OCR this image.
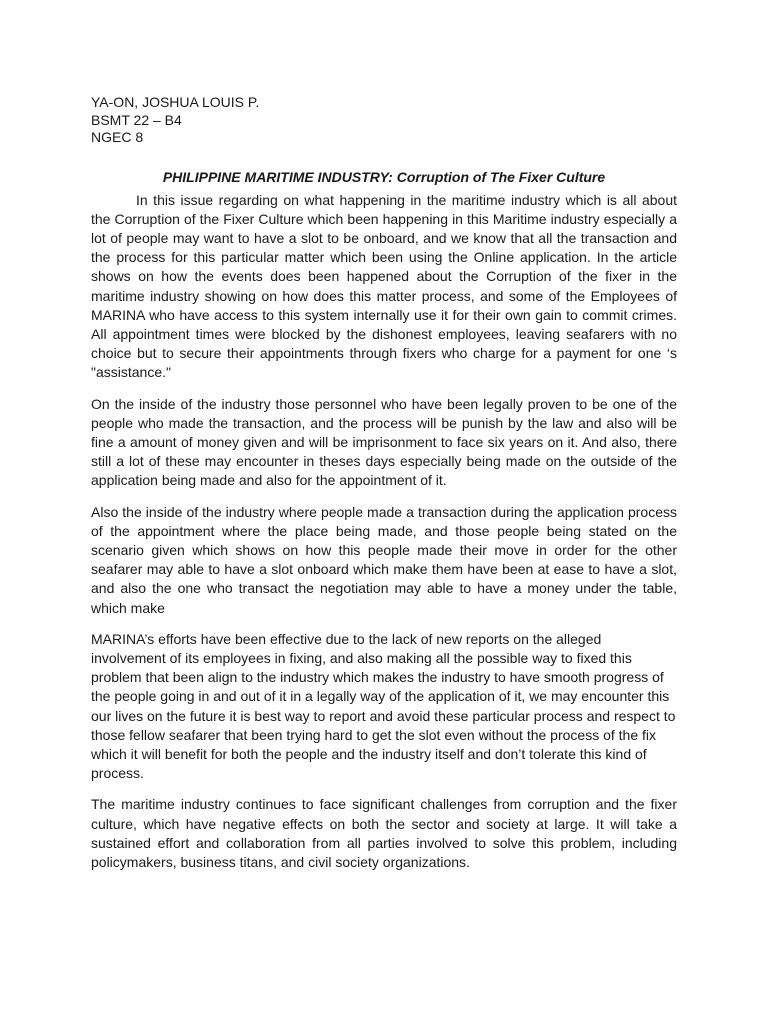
YA-ON, JOSHUA LOUIS P.

BSMT 22 – B4

NGEC 8

PHILIPPINE MARITIME INDUSTRY: Corruption of The Fixer Culture

In this issue regarding on what happening in the maritime industry which is all about the Corruption of the Fixer Culture which been happening in this Maritime industry especially a lot of people may want to have a slot to be onboard, and we know that all the transaction and the process for this particular matter which been using the Online application. In the article shows on how the events does been happened about the Corruption of the fixer in the maritime industry showing on how does this matter process, and some of the Employees of MARINA who have access to this system internally use it for their own gain to commit crimes. All appointment times were blocked by the dishonest employees, leaving seafarers with no choice but to secure their appointments through fixers who charge for a payment for one ‘s "assistance."

On the inside of the industry those personnel who have been legally proven to be one of the people who made the transaction, and the process will be punish by the law and also will be fine a amount of money given and will be imprisonment to face six years on it. And also, there still a lot of these may encounter in theses days especially being made on the outside of the application being made and also for the appointment of it.

Also the inside of the industry where people made a transaction during the application process of the appointment where the place being made, and those people being stated on the scenario given which shows on how this people made their move in order for the other seafarer may able to have a slot onboard which make them have been at ease to have a slot, and also the one who transact the negotiation may able to have a money under the table, which make

MARINA’s efforts have been effective due to the lack of new reports on the alleged involvement of its employees in fixing, and also making all the possible way to fixed this problem that been align to the industry which makes the industry to have smooth progress of the people going in and out of it in a legally way of the application of it, we may encounter this our lives on the future it is best way to report and avoid these particular process and respect to those fellow seafarer that been trying hard to get the slot even without the process of the fix which it will benefit for both the people and the industry itself and don’t tolerate this kind of process.

The maritime industry continues to face significant challenges from corruption and the fixer culture, which have negative effects on both the sector and society at large. It will take a sustained effort and collaboration from all parties involved to solve this problem, including policymakers, business titans, and civil society organizations.
